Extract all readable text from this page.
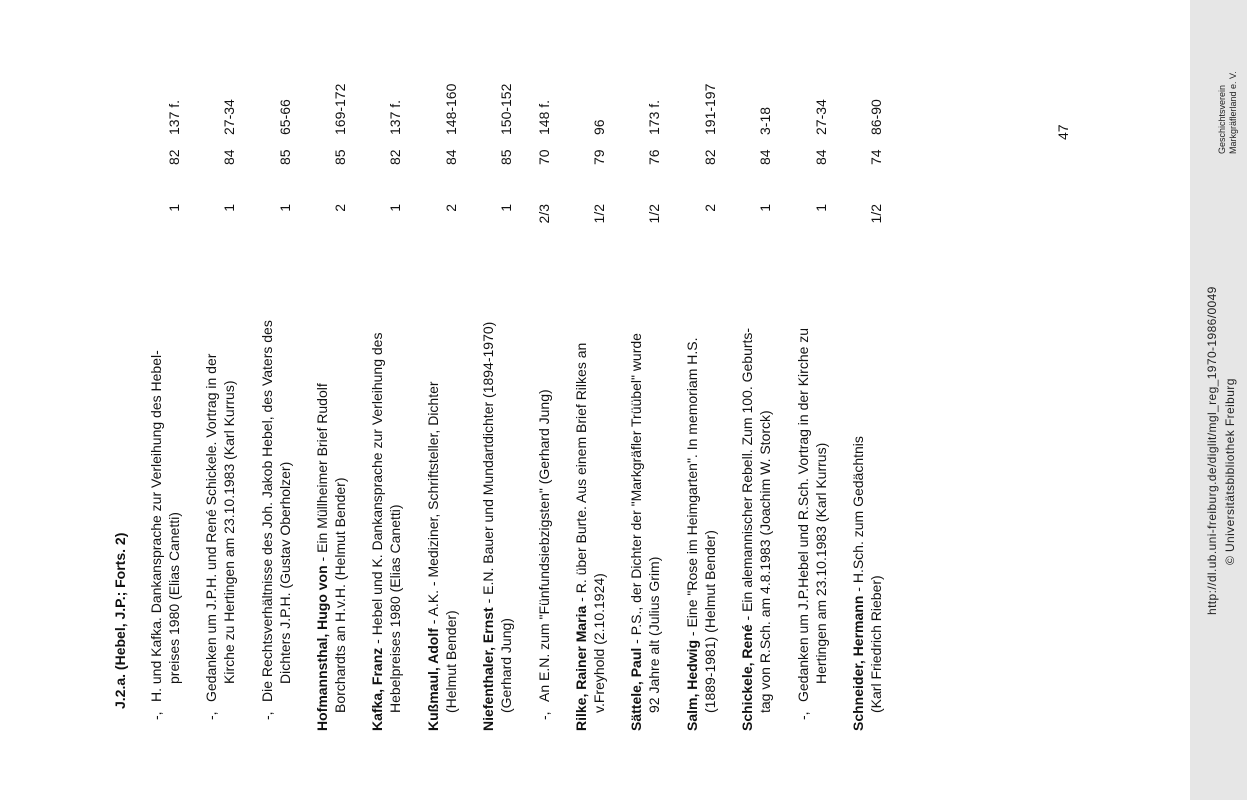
J.2.a. (Hebel, J.P.; Forts. 2)
-,
H. und Kafka. Dankansprache zur Verleihung des Hebel- preises 1980 (Elias Canetti)
1
82
137 f.
-,
Gedanken um J.P.H. und René Schickele. Vortrag in der Kirche zu Hertingen am 23.10.1983 (Karl Kurrus)
1
84
27-34
-,
Die Rechtsverhältnisse des Joh. Jakob Hebel, des Vaters des Dichters J.P.H. (Gustav Oberholzer)
1
85
65-66
Hofmannsthal, Hugo von - Ein Müllheimer Brief Rudolf
Borchardts an H.v.H. (Helmut Bender)
2
85
169-172
Kafka, Franz - Hebel und K. Dankansprache zur Verleihung des Hebelpreises 1980 (Elias Canetti)
1
82
137 f.
Kußmaul, Adolf - A.K. - Mediziner, Schriftsteller, Dichter
(Helmut Bender)
2
84
148-160
Niefenthaler, Ernst - E.N. Bauer und Mundartdichter (1894-1970)
(Gerhard Jung)
1
85
150-152
-,
An E.N. zum "Fünfundsiebzigsten" (Gerhard Jung)
2/3
70
148 f.
Rilke, Rainer Maria - R. über Burte. Aus einem Brief Rilkes an
v.Freyhold (2.10.1924)
1/2
79
96
Sättele, Paul - P.S., der Dichter der "Markgräfler Trüübel" wurde 92 Jahre alt (Julius Grim)
1/2
76
173 f.
Salm, Hedwig - Eine "Rose im Heimgarten". In memoriam H.S. (1889-1981) (Helmut Bender)
2
82
191-197
Schickele, René - Ein alemannischer Rebell. Zum 100. Geburts- tag von R.Sch. am 4.8.1983 (Joachim W. Storck)
1
84
3-18
-,
Gedanken um J.P.Hebel und R.Sch. Vortrag in der Kirche zu Hertingen am 23.10.1983 (Karl Kurrus)
1
84
27-34
Schneider, Hermann - H.Sch. zum Gedächtnis
(Karl Friedrich Rieber)
1/2
74
86-90	47
http://dl.ub.uni-freiburg.de/diglit/mgl_reg_1970-1986/0049 © Universitätsbibliothek Freiburg
Geschichtsverein Markgräflerland e. V.
